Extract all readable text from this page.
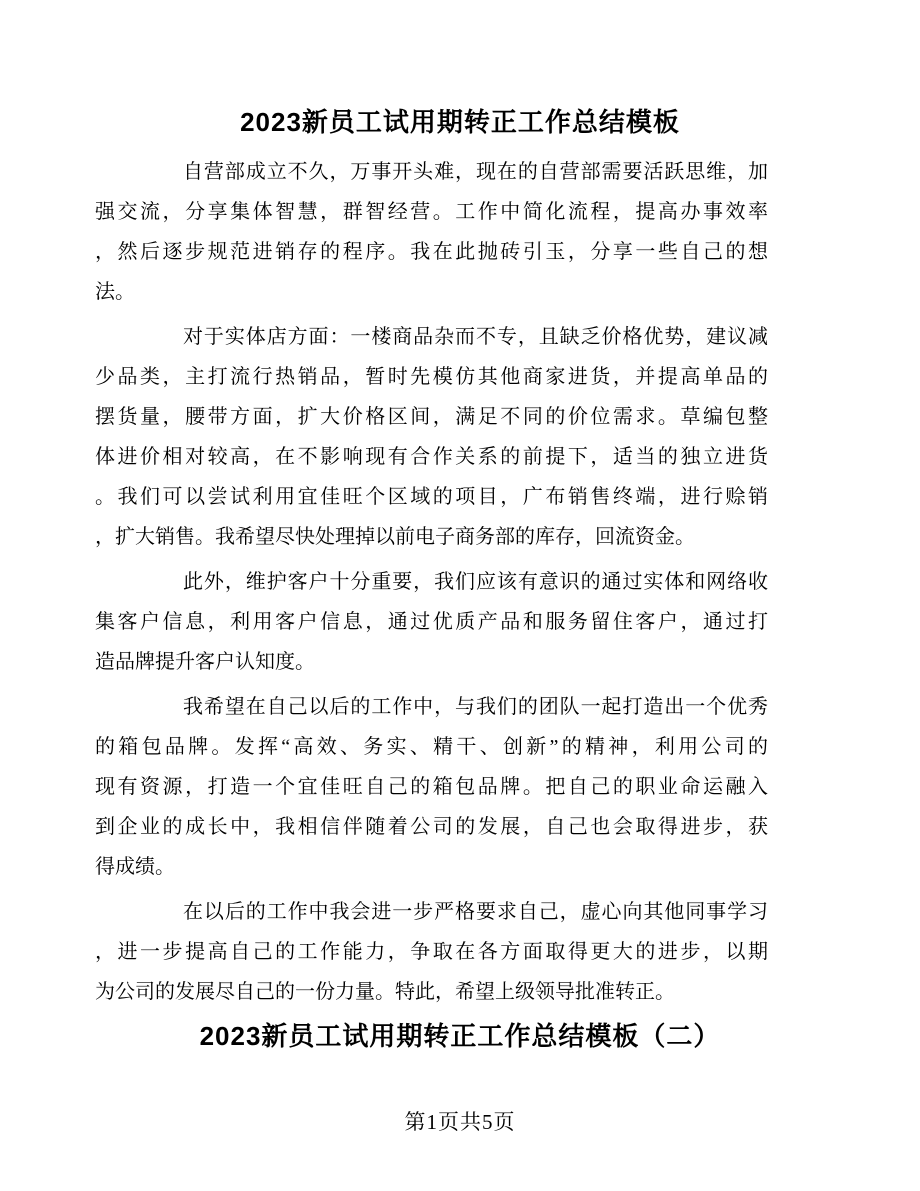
2023新员工试用期转正工作总结模板

自营部成立不久，万事开头难，现在的自营部需要活跃思维，加
强交流，分享集体智慧，群智经营。工作中简化流程，提高办事效率
，然后逐步规范进销存的程序。我在此抛砖引玉，分享一些自己的想
法。

对于实体店方面：一楼商品杂而不专，且缺乏价格优势，建议减
少品类，主打流行热销品，暂时先模仿其他商家进货，并提高单品的
摆货量，腰带方面，扩大价格区间，满足不同的价位需求。草编包整
体进价相对较高，在不影响现有合作关系的前提下，适当的独立进货
。我们可以尝试利用宜佳旺个区域的项目，广布销售终端，进行赊销
，扩大销售。我希望尽快处理掉以前电子商务部的库存，回流资金。

此外，维护客户十分重要，我们应该有意识的通过实体和网络收
集客户信息，利用客户信息，通过优质产品和服务留住客户，通过打
造品牌提升客户认知度。

我希望在自己以后的工作中，与我们的团队一起打造出一个优秀
的箱包品牌。发挥“高效、务实、精干、创新”的精神，利用公司的
现有资源，打造一个宜佳旺自己的箱包品牌。把自己的职业命运融入
到企业的成长中，我相信伴随着公司的发展，自己也会取得进步，获
得成绩。

在以后的工作中我会进一步严格要求自己，虚心向其他同事学习
，进一步提高自己的工作能力，争取在各方面取得更大的进步，以期
为公司的发展尽自己的一份力量。特此，希望上级领导批准转正。

2023新员工试用期转正工作总结模板（二）
第1页共5页
